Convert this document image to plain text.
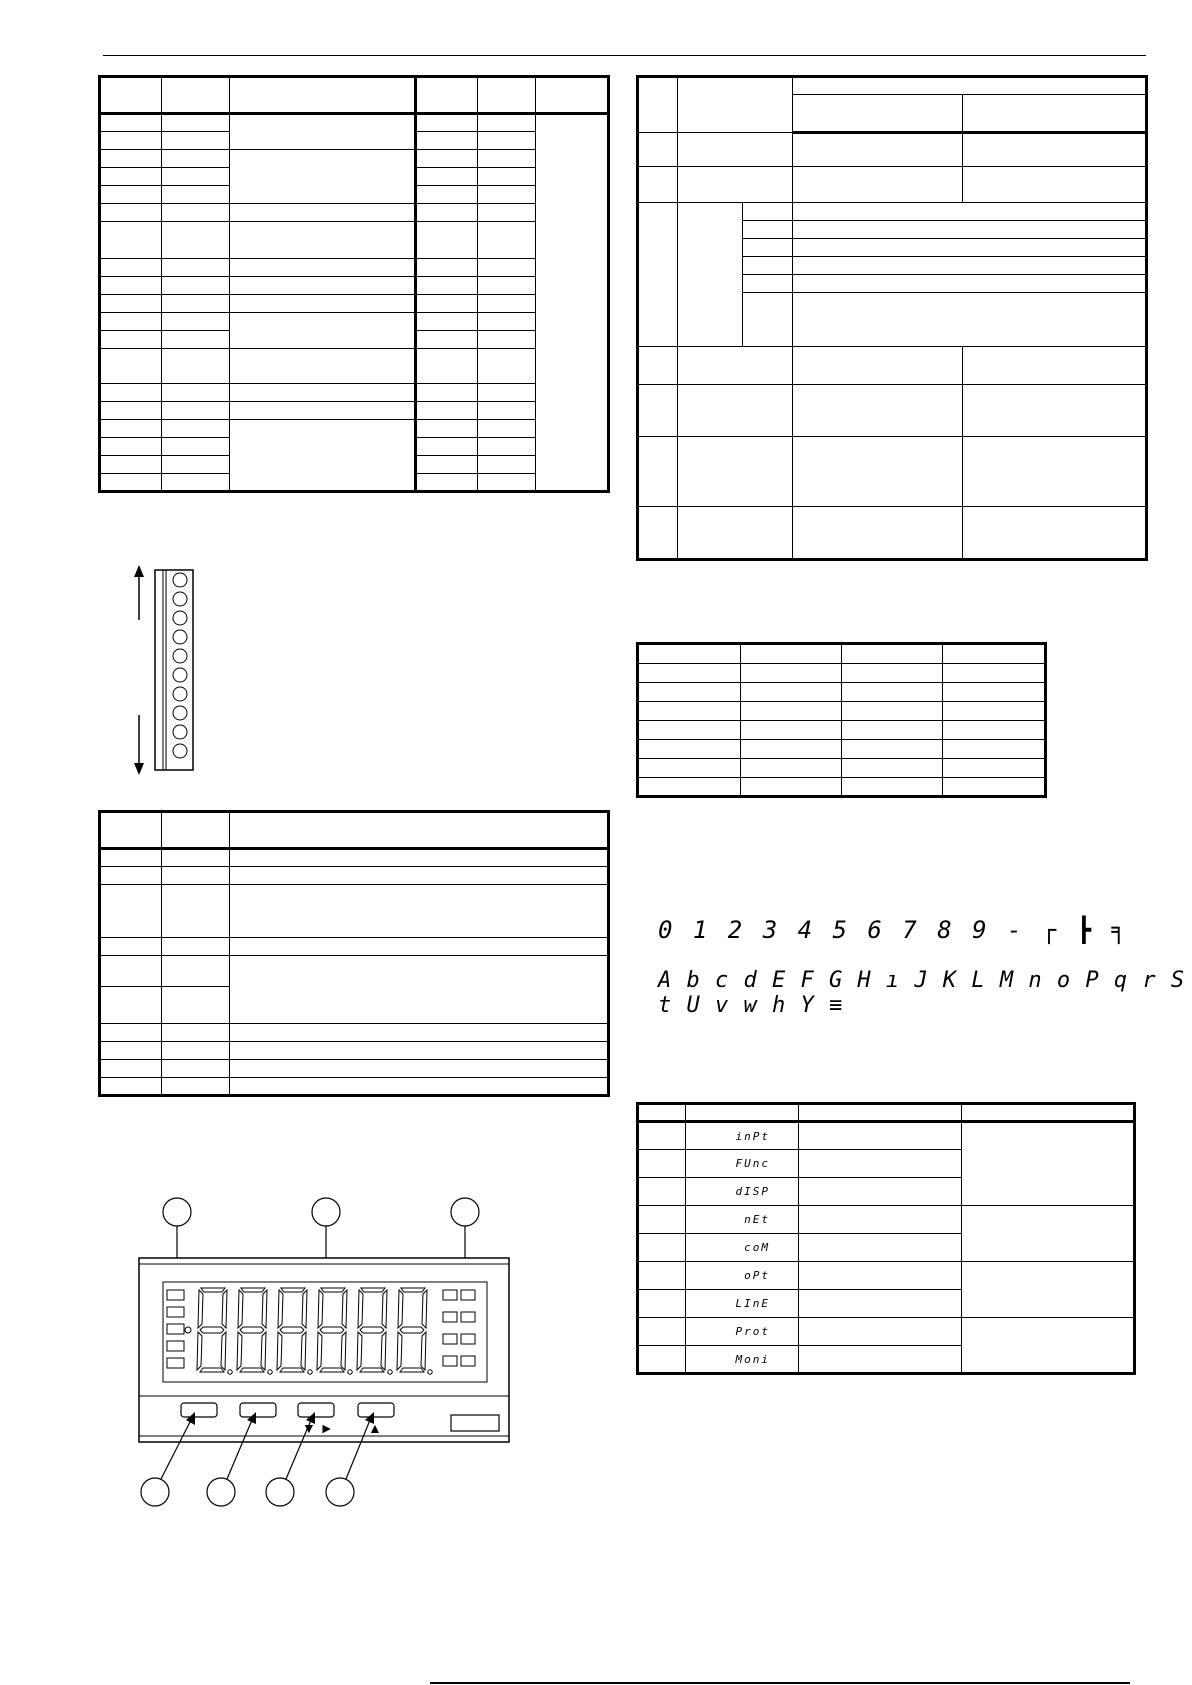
▼ ► ▲

0 1 2 3 4 5 6 7 8 9 - ┌ ┣ ╕
A b c d E F G H ı J K L M n o P q r S t U v w h Y ≡

	inPt		
	FUnc		
	dISP		
	nEt		
	coM		
	oPt		
	LInE		
	Prot		
	Moni		
